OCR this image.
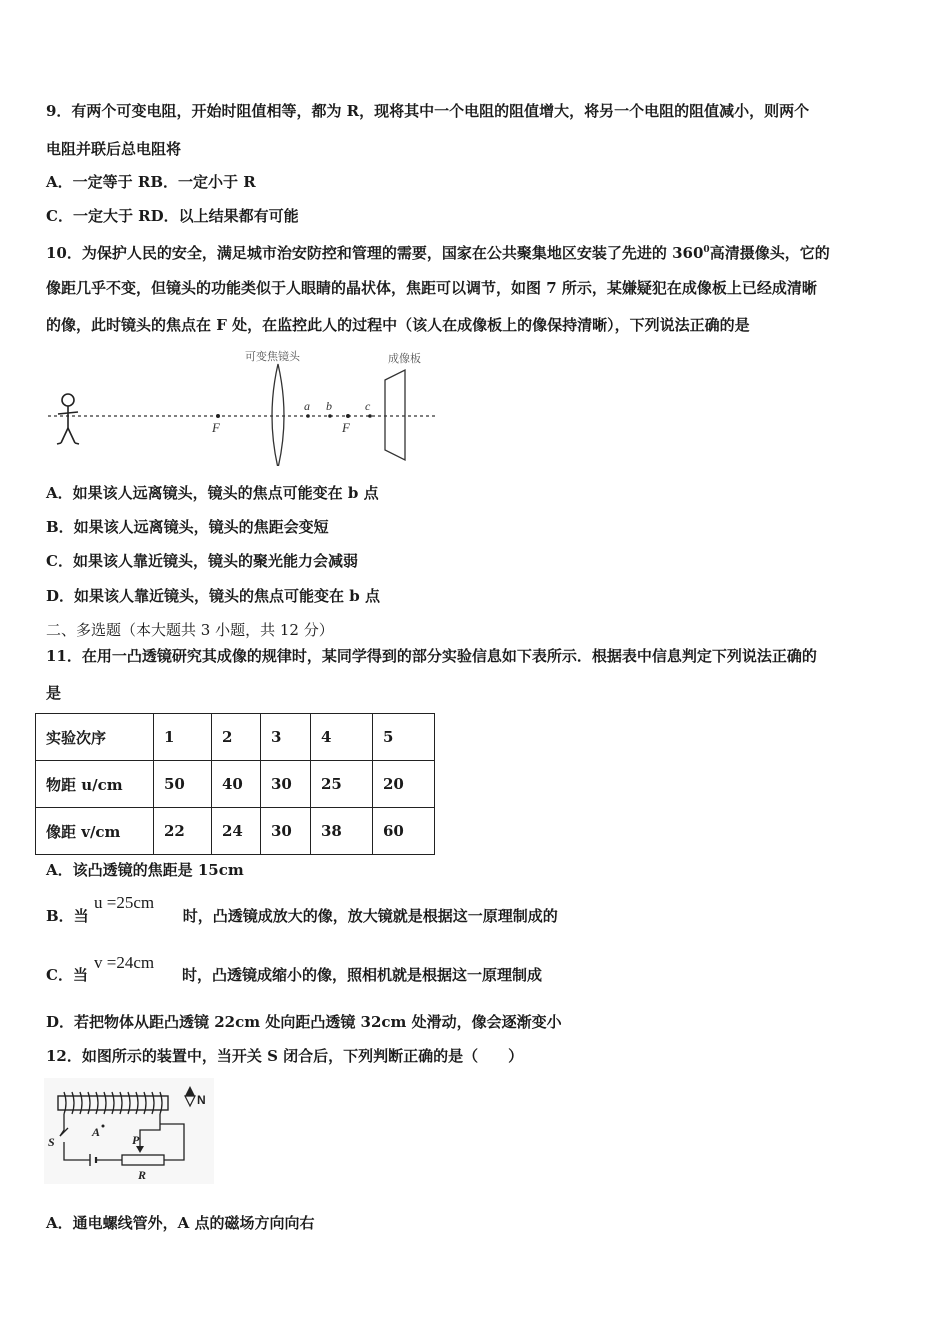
9．有两个可变电阻，开始时阻值相等，都为 R，现将其中一个电阻的阻值增大，将另一个电阻的阻值减小，则两个
电阻并联后总电阻将
A．一定等于 RB．一定小于 R
C．一定大于 RD．以上结果都有可能
10．为保护人民的安全，满足城市治安防控和管理的需要，国家在公共聚集地区安装了先进的 $360^0$高清摄像头，它的
像距几乎不变，但镜头的功能类似于人眼睛的晶状体，焦距可以调节，如图 7 所示，某嫌疑犯在成像板上已经成清晰
的像，此时镜头的焦点在 F 处，在监控此人的过程中（该人在成像板上的像保持清晰），下列说法正确的是
F	F
可变焦镜头
a b	c
成像板
A．如果该人远离镜头，镜头的焦点可能变在 b 点
B．如果该人远离镜头，镜头的焦距会变短
C．如果该人靠近镜头，镜头的聚光能力会减弱
D．如果该人靠近镜头，镜头的焦点可能变在 b 点
二、多选题（本大题共 3 小题，共 12 分）
11．在用一凸透镜研究其成像的规律时，某同学得到的部分实验信息如下表所示．根据表中信息判定下列说法正确的
是
实验次序	1	2	3	4	5
物距 u/cm	50	40	30	25	20
像距 v/cm	22	24	30	38	60
A．该凸透镜的焦距是 15cm
B．当	时，凸透镜成放大的像，放大镜就是根据这一原理制成的
u =25cm
C．当	时，凸透镜成缩小的像，照相机就是根据这一原理制成
v =24cm
D．若把物体从距凸透镜 22cm 处向距凸透镜 32cm 处滑动，像会逐渐变小
12．如图所示的装置中，当开关 S 闭合后，下列判断正确的是（　　）
N
S	P
R
A
A．通电螺线管外，A 点的磁场方向向右
